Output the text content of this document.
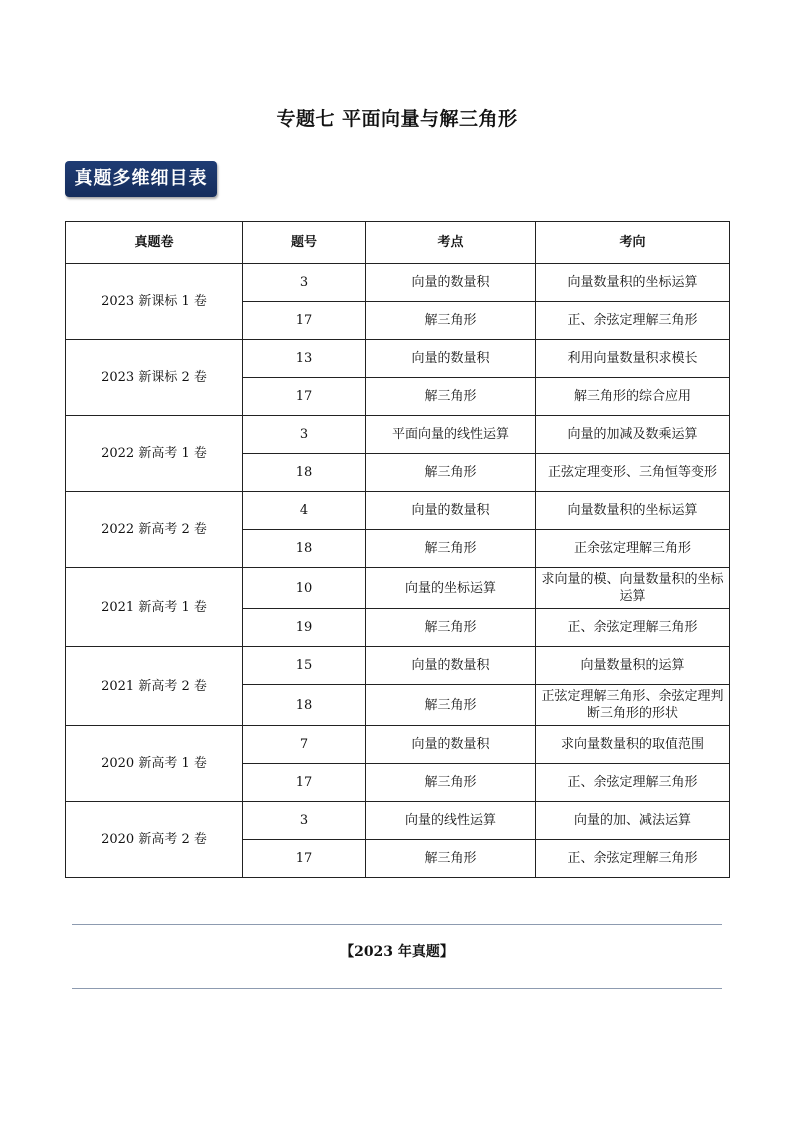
专题七 平面向量与解三角形
真题多维细目表
真题卷	题号	考点	考向
2023 新课标 1 卷	3	向量的数量积	向量数量积的坐标运算
	17	解三角形	正、余弦定理解三角形
2023 新课标 2 卷	13	向量的数量积	利用向量数量积求模长
	17	解三角形	解三角形的综合应用
2022 新高考 1 卷	3	平面向量的线性运算	向量的加减及数乘运算
	18	解三角形	正弦定理变形、三角恒等变形
2022 新高考 2 卷	4	向量的数量积	向量数量积的坐标运算
	18	解三角形	正余弦定理解三角形
2021 新高考 1 卷	10	向量的坐标运算	求向量的模、向量数量积的坐标运算
	19	解三角形	正、余弦定理解三角形
2021 新高考 2 卷	15	向量的数量积	向量数量积的运算
	18	解三角形	正弦定理解三角形、余弦定理判断三角形的形状
2020 新高考 1 卷	7	向量的数量积	求向量数量积的取值范围
	17	解三角形	正、余弦定理解三角形
2020 新高考 2 卷	3	向量的线性运算	向量的加、减法运算
	17	解三角形	正、余弦定理解三角形
【2023 年真题】
